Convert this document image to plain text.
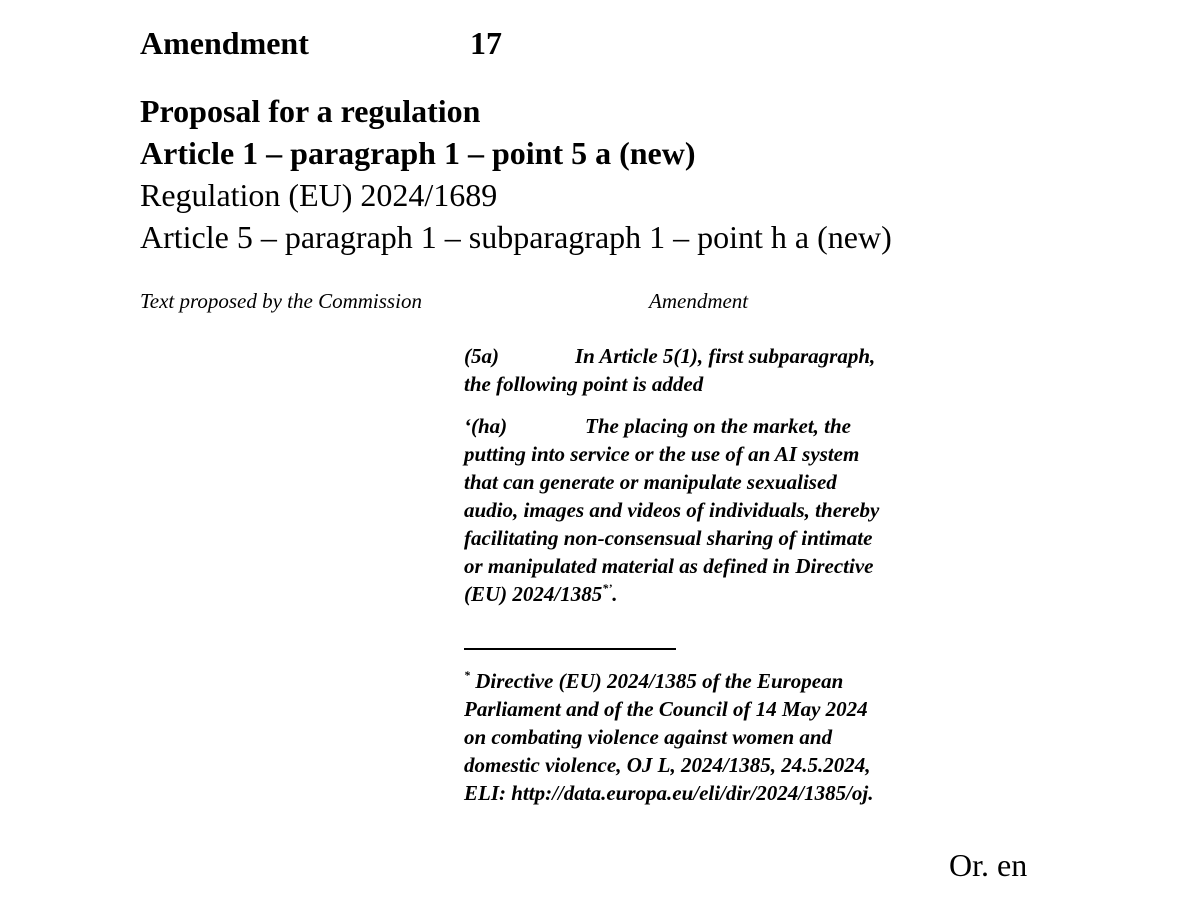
Amendment	17
Proposal for a regulation
Article 1 – paragraph 1 – point 5 a (new)
Regulation (EU) 2024/1689
Article 5 – paragraph 1 – subparagraph 1 – point h a (new)
Text proposed by the Commission	Amendment

(5a)	In Article 5(1), first subparagraph,

the following point is added

‘(ha)	The placing on the market, the

putting into service or the use of an AI system

that can generate or manipulate sexualised

audio, images and videos of individuals, thereby

facilitating non-consensual sharing of intimate

or manipulated material as defined in Directive

(EU) 2024/1385*’.

* Directive (EU) 2024/1385 of the European

Parliament and of the Council of 14 May 2024

on combating violence against women and

domestic violence, OJ L, 2024/1385, 24.5.2024,

ELI: http://data.europa.eu/eli/dir/2024/1385/oj.

Or. en
